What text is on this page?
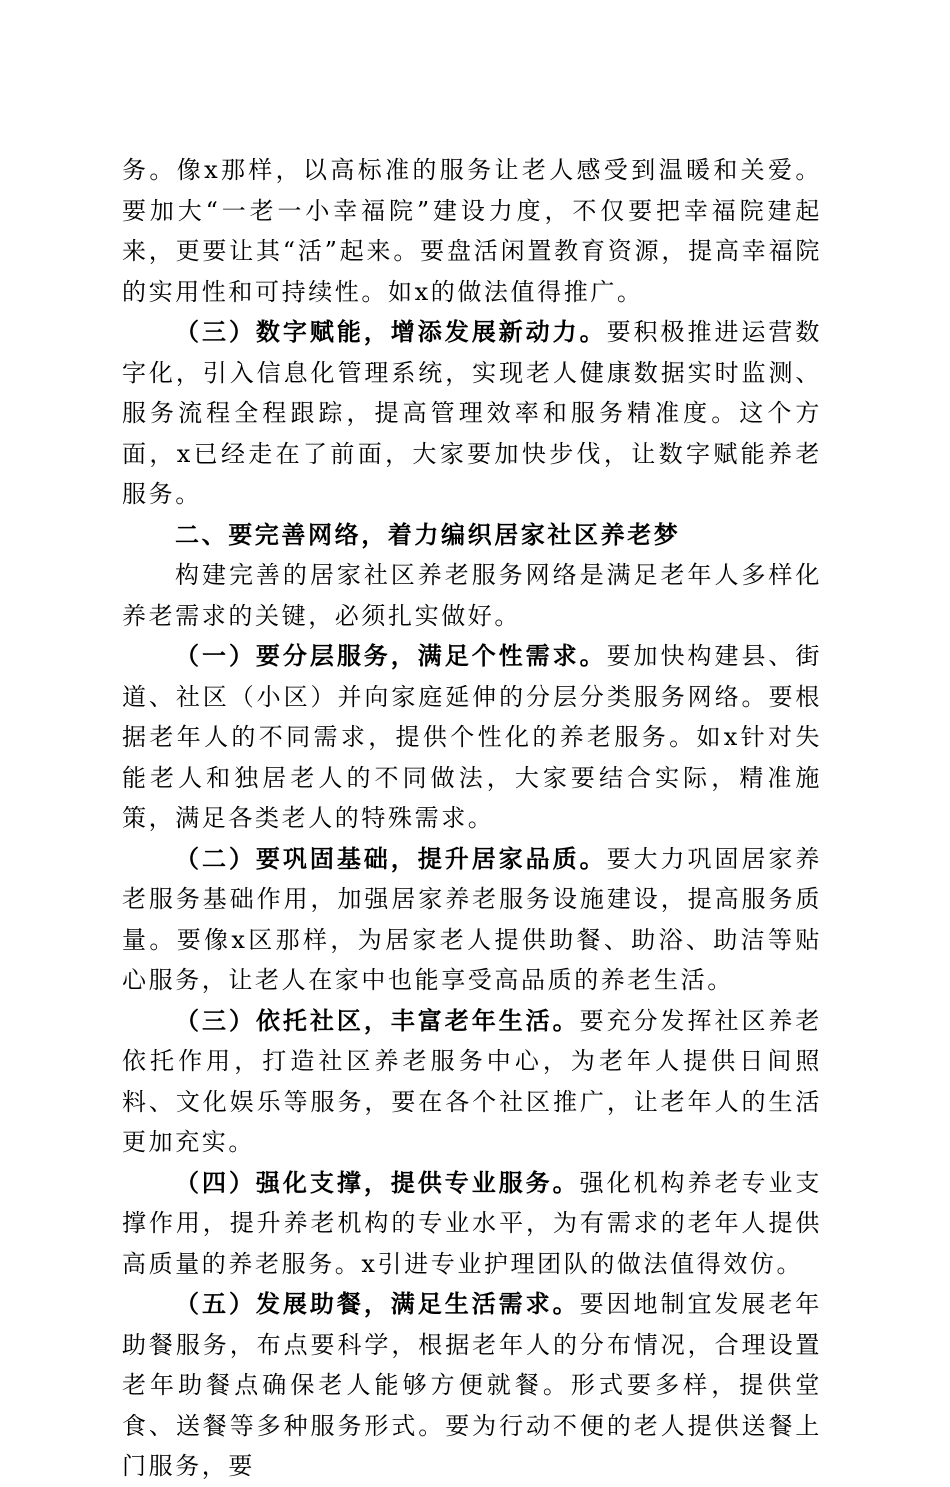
务。像x那样，以高标准的服务让老人感受到温暖和关爱。要加大“一老一小幸福院”建设力度，不仅要把幸福院建起来，更要让其“活”起来。要盘活闲置教育资源，提高幸福院的实用性和可持续性。如x的做法值得推广。

（三）数字赋能，增添发展新动力。要积极推进运营数字化，引入信息化管理系统，实现老人健康数据实时监测、服务流程全程跟踪，提高管理效率和服务精准度。这个方面，x已经走在了前面，大家要加快步伐，让数字赋能养老服务。

二、要完善网络，着力编织居家社区养老梦

构建完善的居家社区养老服务网络是满足老年人多样化养老需求的关键，必须扎实做好。

（一）要分层服务，满足个性需求。要加快构建县、街道、社区（小区）并向家庭延伸的分层分类服务网络。要根据老年人的不同需求，提供个性化的养老服务。如x针对失能老人和独居老人的不同做法，大家要结合实际，精准施策，满足各类老人的特殊需求。

（二）要巩固基础，提升居家品质。要大力巩固居家养老服务基础作用，加强居家养老服务设施建设，提高服务质量。要像x区那样，为居家老人提供助餐、助浴、助洁等贴心服务，让老人在家中也能享受高品质的养老生活。

（三）依托社区，丰富老年生活。要充分发挥社区养老依托作用，打造社区养老服务中心，为老年人提供日间照料、文化娱乐等服务，要在各个社区推广，让老年人的生活更加充实。

（四）强化支撑，提供专业服务。强化机构养老专业支撑作用，提升养老机构的专业水平，为有需求的老年人提供高质量的养老服务。x引进专业护理团队的做法值得效仿。

（五）发展助餐，满足生活需求。要因地制宜发展老年助餐服务，布点要科学，根据老年人的分布情况，合理设置老年助餐点确保老人能够方便就餐。形式要多样，提供堂食、送餐等多种服务形式。要为行动不便的老人提供送餐上门服务，要
